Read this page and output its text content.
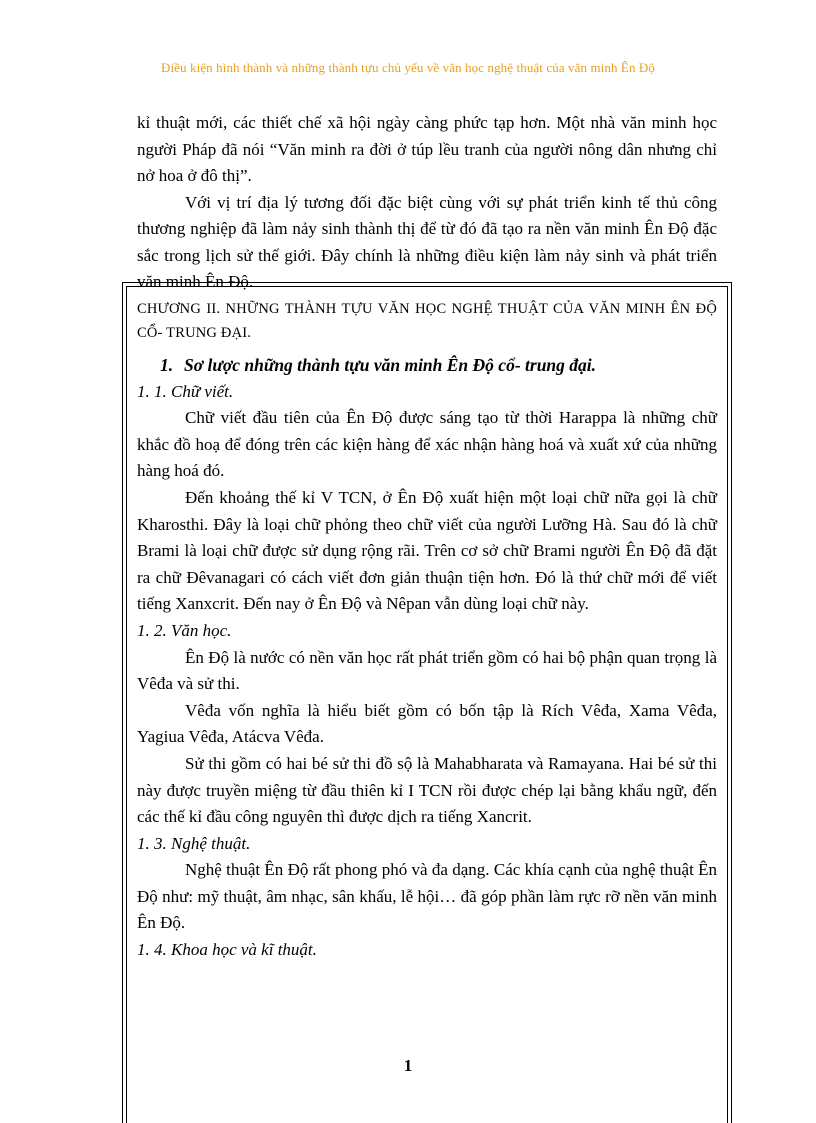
Điều kiện hình thành và những thành tựu chủ yếu về văn học nghệ thuật của văn minh Ên Độ

kỉ thuật mới, các thiết chế xã hội ngày càng phức tạp hơn. Một nhà văn minh học người Pháp đã nói “Văn minh ra đời ở túp lều tranh của người nông dân nhưng chỉ nở hoa ở đô thị”.

Với vị trí địa lý tương đối đặc biệt cùng với sự phát triển kinh tế thủ công thương nghiệp đã làm nảy sinh thành thị để từ đó đã tạo ra nền văn minh Ên Độ đặc sắc trong lịch sử thế giới. Đây chính là những điều kiện làm nảy sinh và phát triển văn minh Ên Độ.

CHƯƠNG II. NHỮNG THÀNH TỰU VĂN HỌC NGHỆ THUẬT CỦA VĂN MINH ÊN ĐỘ CỔ- TRUNG ĐẠI.

1. Sơ lược những thành tựu văn minh Ên Độ cổ- trung đại.

1. 1. Chữ viết.

Chữ viết đầu tiên của Ên Độ được sáng tạo từ thời Harappa là những chữ khắc đồ hoạ để đóng trên các kiện hàng để xác nhận hàng hoá và xuất xứ của những hàng hoá đó.

Đến khoảng thế kỉ V TCN, ở Ên Độ xuất hiện một loại chữ nữa gọi là chữ Kharosthi. Đây là loại chữ phỏng theo chữ viết của người Lưỡng Hà. Sau đó là chữ Brami là loại chữ được sử dụng rộng rãi. Trên cơ sở chữ Brami người Ên Độ đã đặt ra chữ Đêvanagari có cách viết đơn giản thuận tiện hơn. Đó là thứ chữ mới để viết tiếng Xanxcrit. Đến nay ở Ên Độ và Nêpan vẫn dùng loại chữ này.

1. 2. Văn học.

Ên Độ là nước có nền văn học rất phát triển gồm có hai bộ phận quan trọng là Vêđa và sử thi.

Vêđa vốn nghĩa là hiểu biết gồm có bốn tập là Rích Vêđa, Xama Vêđa, Yagiua Vêđa, Atácva Vêđa.

Sử thi gồm có hai bé sử thi đồ sộ là Mahabharata và Ramayana. Hai bé sử thi này được truyền miệng từ đầu thiên kỉ I TCN rồi được chép lại bằng khẩu ngữ, đến các thế kỉ đầu công nguyên thì được dịch ra tiếng Xancrit.

1. 3. Nghệ thuật.

Nghệ thuật Ên Độ rất phong phó và đa dạng. Các khía cạnh của nghệ thuật Ên Độ như: mỹ thuật, âm nhạc, sân khấu, lễ hội… đã góp phần làm rực rỡ nền văn minh Ên Độ.

1. 4. Khoa học và kĩ thuật.

1
